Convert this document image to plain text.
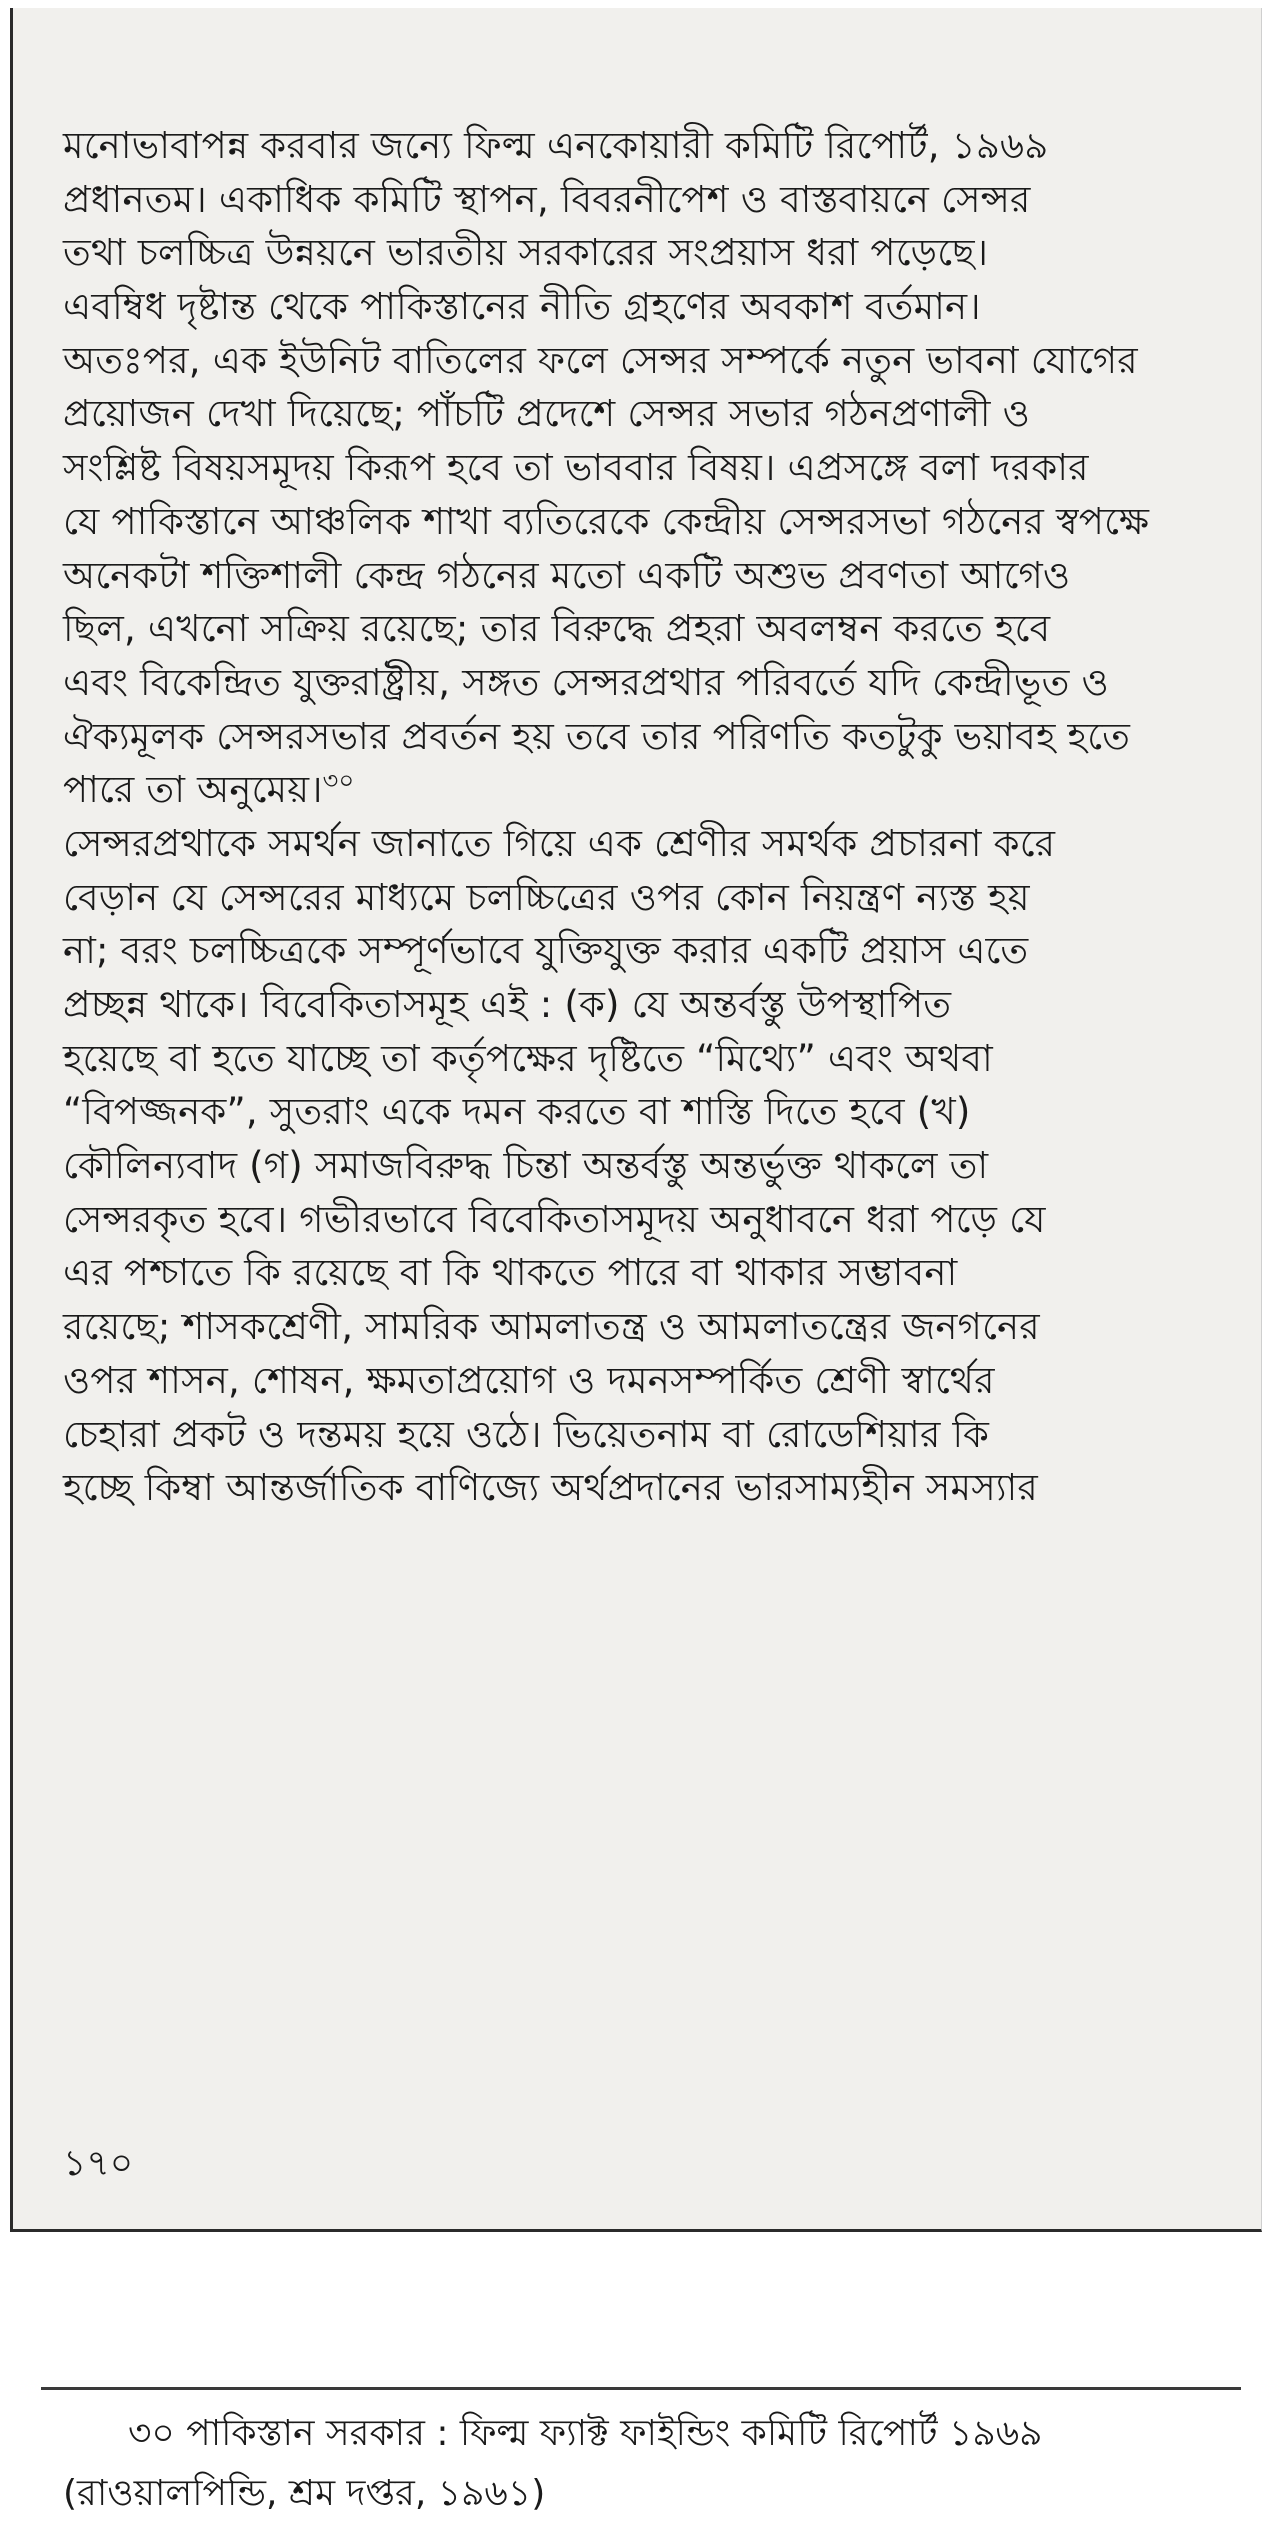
মনোভাবাপন্ন করবার জন্যে ফিল্ম এনকোয়ারী কমিটি রিপোর্ট, ১৯৬৯
প্রধানতম। একাধিক কমিটি স্থাপন, বিবরনীপেশ ও বাস্তবায়নে সেন্সর
তথা চলচ্চিত্র উন্নয়নে ভারতীয় সরকারের সংপ্রয়াস ধরা পড়েছে।
এবম্বিধ দৃষ্টান্ত থেকে পাকিস্তানের নীতি গ্রহণের অবকাশ বর্তমান।
অতঃপর, এক ইউনিট বাতিলের ফলে সেন্সর সম্পর্কে নতুন ভাবনা যোগের
প্রয়োজন দেখা দিয়েছে; পাঁচটি প্রদেশে সেন্সর সভার গঠনপ্রণালী ও
সংশ্লিষ্ট বিষয়সমূদয় কিরূপ হবে তা ভাববার বিষয়। এপ্রসঙ্গে বলা দরকার
যে পাকিস্তানে আঞ্চলিক শাখা ব্যতিরেকে কেন্দ্রীয় সেন্সরসভা গঠনের স্বপক্ষে
অনেকটা শক্তিশালী কেন্দ্র গঠনের মতো একটি অশুভ প্রবণতা আগেও
ছিল, এখনো সক্রিয় রয়েছে; তার বিরুদ্ধে প্রহরা অবলম্বন করতে হবে
এবং বিকেন্দ্রিত যুক্তরাষ্ট্রীয়, সঙ্গত সেন্সরপ্রথার পরিবর্তে যদি কেন্দ্রীভূত ও
ঐক্যমূলক সেন্সরসভার প্রবর্তন হয় তবে তার পরিণতি কতটুকু ভয়াবহ হতে
পারে তা অনুমেয়।$^{৩০}$
সেন্সরপ্রথাকে সমর্থন জানাতে গিয়ে এক শ্রেণীর সমর্থক প্রচারনা করে
বেড়ান যে সেন্সরের মাধ্যমে চলচ্চিত্রের ওপর কোন নিয়ন্ত্রণ ন্যস্ত হয়
না; বরং চলচ্চিত্রকে সম্পূর্ণভাবে যুক্তিযুক্ত করার একটি প্রয়াস এতে
প্রচ্ছন্ন থাকে। বিবেকিতাসমূহ এই : (ক) যে অন্তর্বস্তু উপস্থাপিত
হয়েছে বা হতে যাচ্ছে তা কর্তৃপক্ষের দৃষ্টিতে “মিথ্যে” এবং অথবা
“বিপজ্জনক”, সুতরাং একে দমন করতে বা শাস্তি দিতে হবে (খ)
কৌলিন্যবাদ (গ) সমাজবিরুদ্ধ চিন্তা অন্তর্বস্তু অন্তর্ভুক্ত থাকলে তা
সেন্সরকৃত হবে। গভীরভাবে বিবেকিতাসমূদয় অনুধাবনে ধরা পড়ে যে
এর পশ্চাতে কি রয়েছে বা কি থাকতে পারে বা থাকার সম্ভাবনা
রয়েছে; শাসকশ্রেণী, সামরিক আমলাতন্ত্র ও আমলাতন্ত্রের জনগনের
ওপর শাসন, শোষন, ক্ষমতাপ্রয়োগ ও দমনসম্পর্কিত শ্রেণী স্বার্থের
চেহারা প্রকট ও দন্তময় হয়ে ওঠে। ভিয়েতনাম বা রোডেশিয়ার কি
হচ্ছে কিম্বা আন্তর্জাতিক বাণিজ্যে অর্থপ্রদানের ভারসাম্যহীন সমস্যার
৩০ পাকিস্তান সরকার : ফিল্ম ফ্যাক্ট ফাইন্ডিং কমিটি রিপোর্ট ১৯৬৯
(রাওয়ালপিন্ডি, শ্রম দপ্তর, ১৯৬১)
১৭০
